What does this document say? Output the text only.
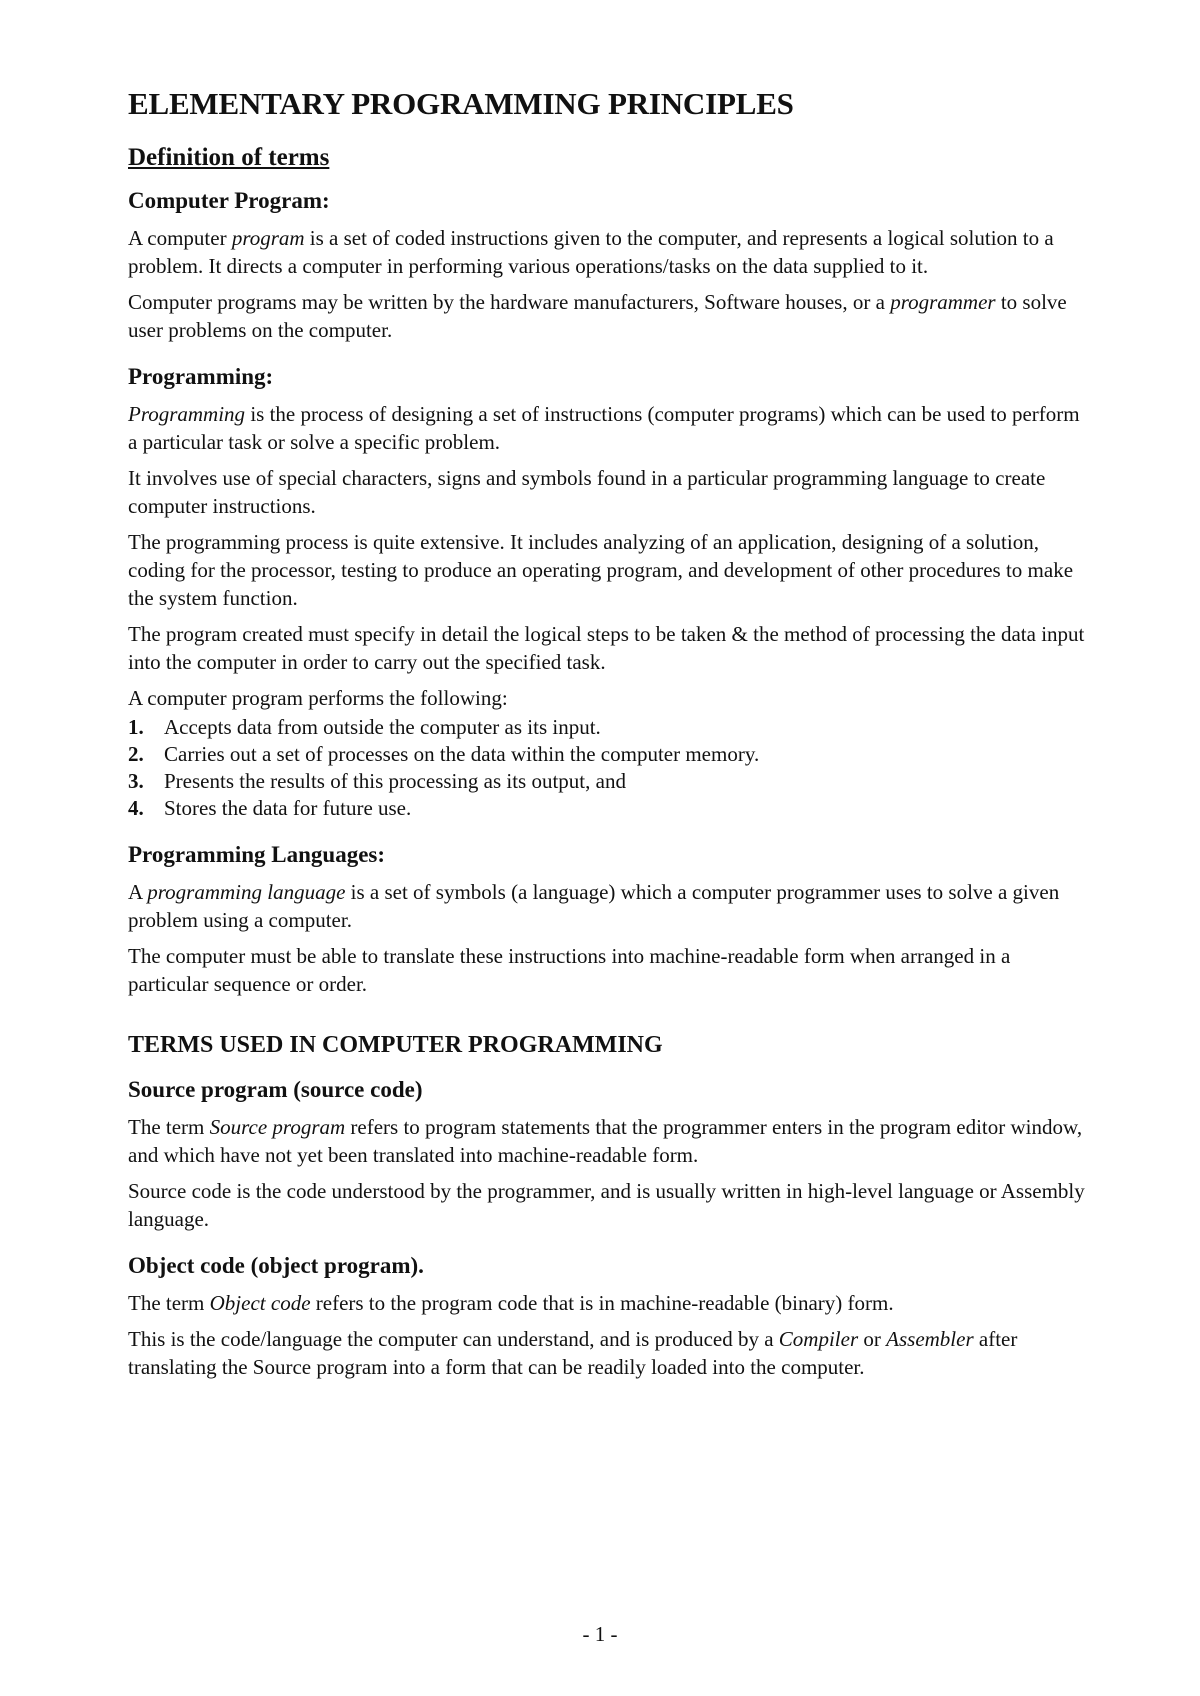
ELEMENTARY PROGRAMMING PRINCIPLES
Definition of terms
Computer Program:

A computer program is a set of coded instructions given to the computer, and represents a logical solution to a problem. It directs a computer in performing various operations/tasks on the data supplied to it.

Computer programs may be written by the hardware manufacturers, Software houses, or a programmer to solve user problems on the computer.

Programming:

Programming is the process of designing a set of instructions (computer programs) which can be used to perform a particular task or solve a specific problem.

It involves use of special characters, signs and symbols found in a particular programming language to create computer instructions.

The programming process is quite extensive. It includes analyzing of an application, designing of a solution, coding for the processor, testing to produce an operating program, and development of other procedures to make the system function.

The program created must specify in detail the logical steps to be taken & the method of processing the data input into the computer in order to carry out the specified task.

A computer program performs the following:

1. Accepts data from outside the computer as its input.
2. Carries out a set of processes on the data within the computer memory.
3. Presents the results of this processing as its output, and
4. Stores the data for future use.
Programming Languages:

A programming language is a set of symbols (a language) which a computer programmer uses to solve a given problem using a computer.

The computer must be able to translate these instructions into machine-readable form when arranged in a particular sequence or order.

TERMS USED IN COMPUTER PROGRAMMING
Source program (source code)

The term Source program refers to program statements that the programmer enters in the program editor window, and which have not yet been translated into machine-readable form.

Source code is the code understood by the programmer, and is usually written in high-level language or Assembly language.

Object code (object program).

The term Object code refers to the program code that is in machine-readable (binary) form.

This is the code/language the computer can understand, and is produced by a Compiler or Assembler after translating the Source program into a form that can be readily loaded into the computer.

- 1 -
